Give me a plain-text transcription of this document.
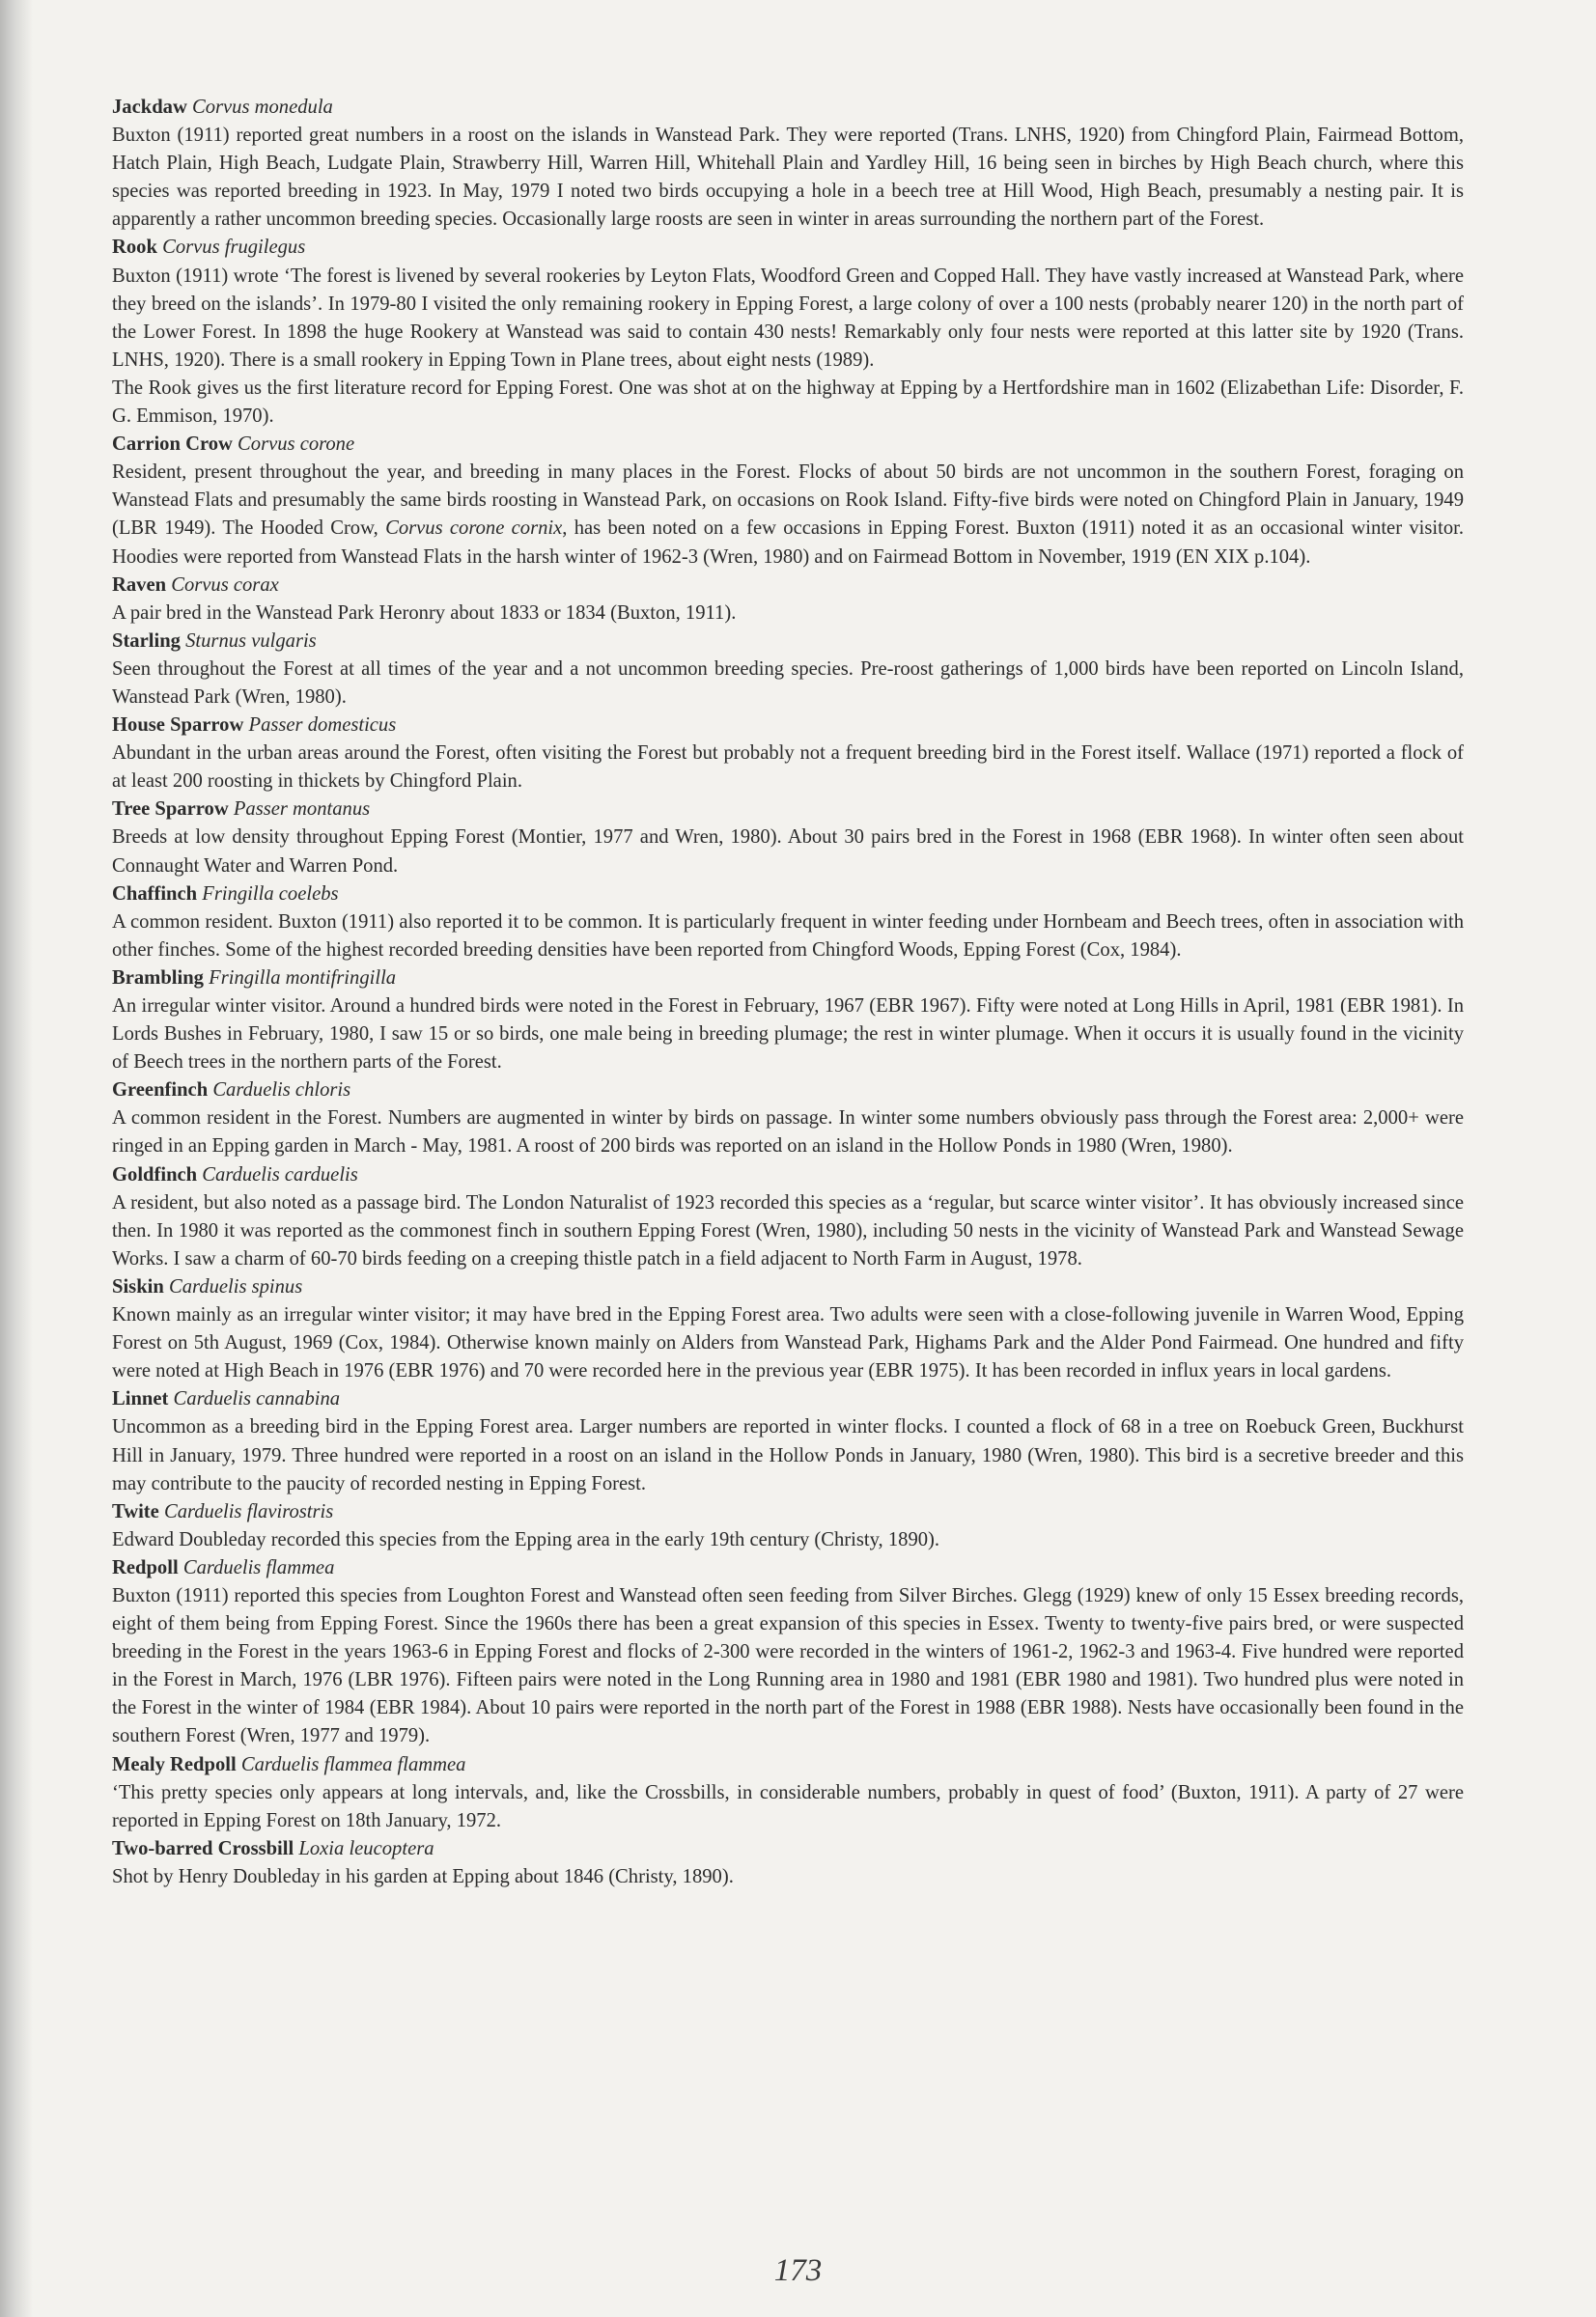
Jackdaw Corvus monedula

Buxton (1911) reported great numbers in a roost on the islands in Wanstead Park. They were reported (Trans. LNHS, 1920) from Chingford Plain, Fairmead Bottom, Hatch Plain, High Beach, Ludgate Plain, Strawberry Hill, Warren Hill, Whitehall Plain and Yardley Hill, 16 being seen in birches by High Beach church, where this species was reported breeding in 1923. In May, 1979 I noted two birds occupying a hole in a beech tree at Hill Wood, High Beach, presumably a nesting pair. It is apparently a rather uncommon breeding species. Occasionally large roosts are seen in winter in areas surrounding the northern part of the Forest.

Rook Corvus frugilegus

Buxton (1911) wrote ‘The forest is livened by several rookeries by Leyton Flats, Woodford Green and Copped Hall. They have vastly increased at Wanstead Park, where they breed on the islands’. In 1979-80 I visited the only remaining rookery in Epping Forest, a large colony of over a 100 nests (probably nearer 120) in the north part of the Lower Forest. In 1898 the huge Rookery at Wanstead was said to contain 430 nests! Remarkably only four nests were reported at this latter site by 1920 (Trans. LNHS, 1920). There is a small rookery in Epping Town in Plane trees, about eight nests (1989).

The Rook gives us the first literature record for Epping Forest. One was shot at on the highway at Epping by a Hertfordshire man in 1602 (Elizabethan Life: Disorder, F. G. Emmison, 1970).

Carrion Crow Corvus corone

Resident, present throughout the year, and breeding in many places in the Forest. Flocks of about 50 birds are not uncommon in the southern Forest, foraging on Wanstead Flats and presumably the same birds roosting in Wanstead Park, on occasions on Rook Island. Fifty-five birds were noted on Chingford Plain in January, 1949 (LBR 1949). The Hooded Crow, Corvus corone cornix, has been noted on a few occasions in Epping Forest. Buxton (1911) noted it as an occasional winter visitor. Hoodies were reported from Wanstead Flats in the harsh winter of 1962-3 (Wren, 1980) and on Fairmead Bottom in November, 1919 (EN XIX p.104).

Raven Corvus corax

A pair bred in the Wanstead Park Heronry about 1833 or 1834 (Buxton, 1911).

Starling Sturnus vulgaris

Seen throughout the Forest at all times of the year and a not uncommon breeding species. Pre-roost gatherings of 1,000 birds have been reported on Lincoln Island, Wanstead Park (Wren, 1980).

House Sparrow Passer domesticus

Abundant in the urban areas around the Forest, often visiting the Forest but probably not a frequent breeding bird in the Forest itself. Wallace (1971) reported a flock of at least 200 roosting in thickets by Chingford Plain.

Tree Sparrow Passer montanus

Breeds at low density throughout Epping Forest (Montier, 1977 and Wren, 1980). About 30 pairs bred in the Forest in 1968 (EBR 1968). In winter often seen about Connaught Water and Warren Pond.

Chaffinch Fringilla coelebs

A common resident. Buxton (1911) also reported it to be common. It is particularly frequent in winter feeding under Hornbeam and Beech trees, often in association with other finches. Some of the highest recorded breeding densities have been reported from Chingford Woods, Epping Forest (Cox, 1984).

Brambling Fringilla montifringilla

An irregular winter visitor. Around a hundred birds were noted in the Forest in February, 1967 (EBR 1967). Fifty were noted at Long Hills in April, 1981 (EBR 1981). In Lords Bushes in February, 1980, I saw 15 or so birds, one male being in breeding plumage; the rest in winter plumage. When it occurs it is usually found in the vicinity of Beech trees in the northern parts of the Forest.

Greenfinch Carduelis chloris

A common resident in the Forest. Numbers are augmented in winter by birds on passage. In winter some numbers obviously pass through the Forest area: 2,000+ were ringed in an Epping garden in March - May, 1981. A roost of 200 birds was reported on an island in the Hollow Ponds in 1980 (Wren, 1980).

Goldfinch Carduelis carduelis

A resident, but also noted as a passage bird. The London Naturalist of 1923 recorded this species as a ‘regular, but scarce winter visitor’. It has obviously increased since then. In 1980 it was reported as the commonest finch in southern Epping Forest (Wren, 1980), including 50 nests in the vicinity of Wanstead Park and Wanstead Sewage Works. I saw a charm of 60-70 birds feeding on a creeping thistle patch in a field adjacent to North Farm in August, 1978.

Siskin Carduelis spinus

Known mainly as an irregular winter visitor; it may have bred in the Epping Forest area. Two adults were seen with a close-following juvenile in Warren Wood, Epping Forest on 5th August, 1969 (Cox, 1984). Otherwise known mainly on Alders from Wanstead Park, Highams Park and the Alder Pond Fairmead. One hundred and fifty were noted at High Beach in 1976 (EBR 1976) and 70 were recorded here in the previous year (EBR 1975). It has been recorded in influx years in local gardens.

Linnet Carduelis cannabina

Uncommon as a breeding bird in the Epping Forest area. Larger numbers are reported in winter flocks. I counted a flock of 68 in a tree on Roebuck Green, Buckhurst Hill in January, 1979. Three hundred were reported in a roost on an island in the Hollow Ponds in January, 1980 (Wren, 1980). This bird is a secretive breeder and this may contribute to the paucity of recorded nesting in Epping Forest.

Twite Carduelis flavirostris

Edward Doubleday recorded this species from the Epping area in the early 19th century (Christy, 1890).

Redpoll Carduelis flammea

Buxton (1911) reported this species from Loughton Forest and Wanstead often seen feeding from Silver Birches. Glegg (1929) knew of only 15 Essex breeding records, eight of them being from Epping Forest. Since the 1960s there has been a great expansion of this species in Essex. Twenty to twenty-five pairs bred, or were suspected breeding in the Forest in the years 1963-6 in Epping Forest and flocks of 2-300 were recorded in the winters of 1961-2, 1962-3 and 1963-4. Five hundred were reported in the Forest in March, 1976 (LBR 1976). Fifteen pairs were noted in the Long Running area in 1980 and 1981 (EBR 1980 and 1981). Two hundred plus were noted in the Forest in the winter of 1984 (EBR 1984). About 10 pairs were reported in the north part of the Forest in 1988 (EBR 1988). Nests have occasionally been found in the southern Forest (Wren, 1977 and 1979).

Mealy Redpoll Carduelis flammea flammea

‘This pretty species only appears at long intervals, and, like the Crossbills, in considerable numbers, probably in quest of food’ (Buxton, 1911). A party of 27 were reported in Epping Forest on 18th January, 1972.

Two-barred Crossbill Loxia leucoptera

Shot by Henry Doubleday in his garden at Epping about 1846 (Christy, 1890).

173
